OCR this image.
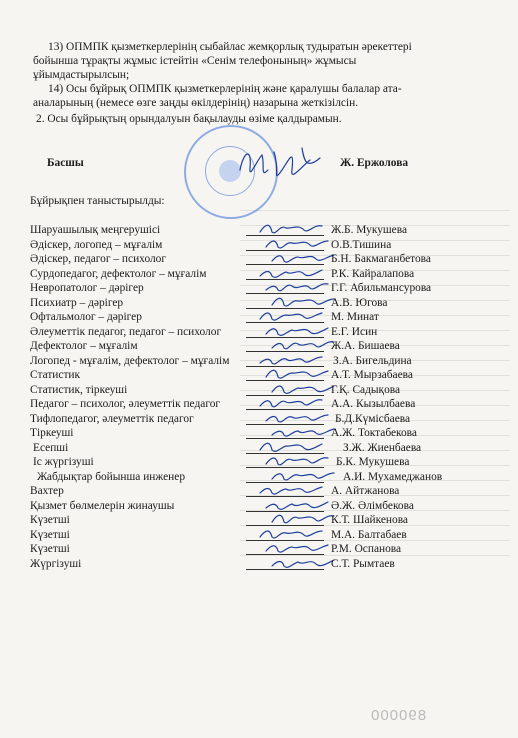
890000
13) ОПМПК қызметкерлерінің сыбайлас жемқорлық тудыратын әрекеттері
бойынша тұрақты жұмыс істейтін «Сенім телефонының» жұмысы
ұйымдастырылсын;
14) Осы бұйрық ОПМПК қызметкерлерінің және қаралушы балалар ата-
аналарының (немесе өзге заңды өкілдерінің) назарына жеткізілсін.
2. Осы бұйрықтың орындалуын бақылауды өзіме қалдырамын.
Басшы	Ж. Ержолова
Бұйрықпен таныстырылды:
Шаруашылық меңгерушісі	Ж.Б. Мукушева
Әдіскер, логопед – мұғалім	О.В.Тишина
Әдіскер, педагог – психолог	Б.Н. Бакмаганбетова
Сурдопедагог, дефектолог – мұғалім	Р.К. Кайралапова
Невропатолог – дәрігер	Г.Г. Абильмансурова
Психиатр – дәрігер	А.В. Югова
Офтальмолог – дәрігер	М. Минат
Әлеуметтік педагог, педагог – психолог	Е.Г. Исин
Дефектолог – мұғалім	Ж.А. Бишаева
Логопед - мұғалім, дефектолог – мұғалім	З.А. Бигельдина
Статистик	А.Т. Мырзабаева
Статистик, тіркеуші	Г.Қ. Садықова
Педагог – психолог, әлеуметтік педагог	А.А. Кызылбаева
Тифлопедагог, әлеуметтік педагог	Б.Д.Күмісбаева
Тіркеуші	А.Ж. Токтабекова
Есепші	З.Ж. Жиенбаева
Іс жүргізуші	Б.К. Мукушева
Жабдықтар бойынша инженер	А.И. Мухамеджанов
Вахтер	А. Айтжанова
Қызмет бөлмелерін жинаушы	Ә.Ж. Әлімбекова
Күзетші	К.Т. Шайкенова
Күзетші	М.А. Балтабаев
Күзетші	Р.М. Оспанова
Жүргізуші	С.Т. Рымтаев
